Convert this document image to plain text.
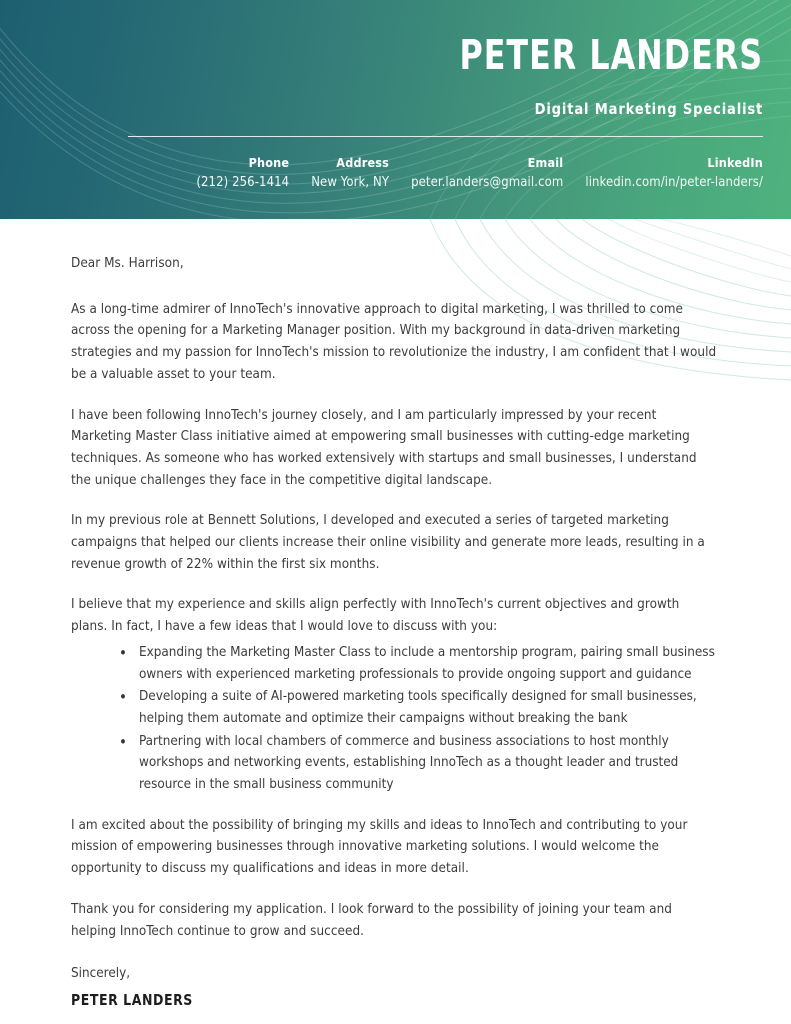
PETER LANDERS
Digital Marketing Specialist
Phone
(212) 256-1414
Address
New York, NY
Email
peter.landers@gmail.com
LinkedIn
linkedin.com/in/peter-landers/

Dear Ms. Harrison,

As a long-time admirer of InnoTech's innovative approach to digital marketing, I was thrilled to come across the opening for a Marketing Manager position. With my background in data-driven marketing strategies and my passion for InnoTech's mission to revolutionize the industry, I am confident that I would be a valuable asset to your team.

I have been following InnoTech's journey closely, and I am particularly impressed by your recent Marketing Master Class initiative aimed at empowering small businesses with cutting-edge marketing techniques. As someone who has worked extensively with startups and small businesses, I understand the unique challenges they face in the competitive digital landscape.

In my previous role at Bennett Solutions, I developed and executed a series of targeted marketing campaigns that helped our clients increase their online visibility and generate more leads, resulting in a revenue growth of 22% within the first six months.

I believe that my experience and skills align perfectly with InnoTech's current objectives and growth plans. In fact, I have a few ideas that I would love to discuss with you:

• Expanding the Marketing Master Class to include a mentorship program, pairing small business owners with experienced marketing professionals to provide ongoing support and guidance
• Developing a suite of AI-powered marketing tools specifically designed for small businesses, helping them automate and optimize their campaigns without breaking the bank
• Partnering with local chambers of commerce and business associations to host monthly workshops and networking events, establishing InnoTech as a thought leader and trusted resource in the small business community

I am excited about the possibility of bringing my skills and ideas to InnoTech and contributing to your mission of empowering businesses through innovative marketing solutions. I would welcome the opportunity to discuss my qualifications and ideas in more detail.

Thank you for considering my application. I look forward to the possibility of joining your team and helping InnoTech continue to grow and succeed.

Sincerely,
PETER LANDERS
